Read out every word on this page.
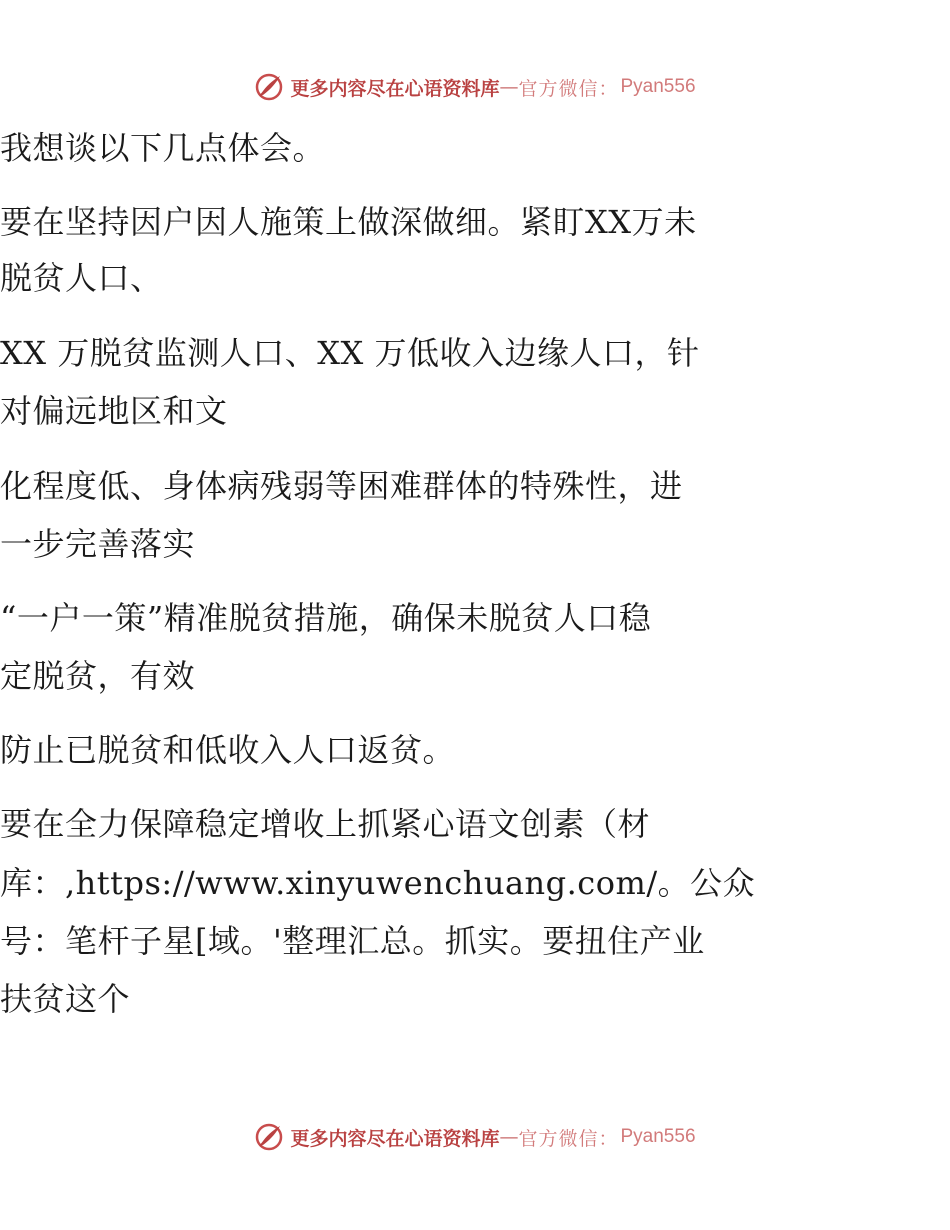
更多内容尽在心语资料库 — 官方微信： Pyan556
我想谈以下几点体会。
要在坚持因户因人施策上做深做细。紧盯XX万未
脱贫人口、
XX 万脱贫监测人口、XX 万低收入边缘人口，针
对偏远地区和文
化程度低、身体病残弱等困难群体的特殊性，进
一步完善落实
“一户一策”精准脱贫措施，确保未脱贫人口稳
定脱贫，有效
防止已脱贫和低收入人口返贫。
要在全力保障稳定增收上抓紧心语文创素（材
库：,https://www.xinyuwenchuang.com/。公众
号：笔杆子星[域。'整理汇总。抓实。要扭住产业
扶贫这个
更多内容尽在心语资料库 — 官方微信： Pyan556
